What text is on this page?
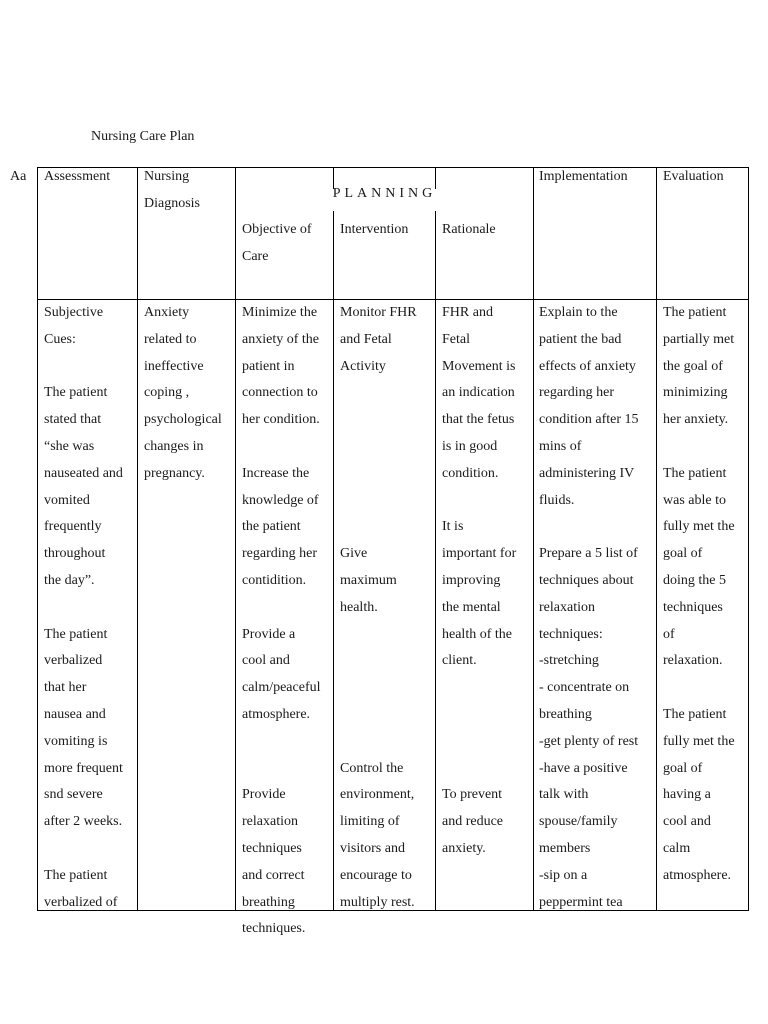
Nursing Care Plan
Aa
PLANNING
Assessment Nursing
Diagnosis
Objective of
Care
Intervention Rationale
Implementation	Evaluation
Subjective
Cues:

The patient
stated that
“she was
nauseated and
vomited
frequently
throughout
the day”.

The patient
verbalized
that her
nausea and
vomiting is
more frequent
snd severe
after 2 weeks.

The patient
verbalized of
Anxiety
related to
ineffective
coping ,
psychological
changes in
pregnancy.
Minimize the
anxiety of the
patient in
connection to
her condition.

Increase the
knowledge of
the patient
regarding her
contidition.

Provide a
cool and
calm/peaceful
atmosphere.

Provide
relaxation
techniques
and correct
breathing
techniques.
Monitor FHR
and Fetal
Activity

Give
maximum
health.

Control the
environment,
limiting of
visitors and
encourage to
multiply rest.
FHR and
Fetal
Movement is
an indication
that the fetus
is in good
condition.

It is
important for
improving
the mental
health of the
client.

To prevent
and reduce
anxiety.
Explain to the
patient the bad
effects of anxiety
regarding her
condition after 15
mins of
administering IV
fluids.

Prepare a 5 list of
techniques about
relaxation
techniques:
-stretching
- concentrate on
breathing
-get plenty of rest
-have a positive
talk with
spouse/family
members
-sip on a
peppermint tea
The patient
partially met
the goal of
minimizing
her anxiety.

The patient
was able to
fully met the
goal of
doing the 5
techniques
of
relaxation.

The patient
fully met the
goal of
having a
cool and
calm
atmosphere.
